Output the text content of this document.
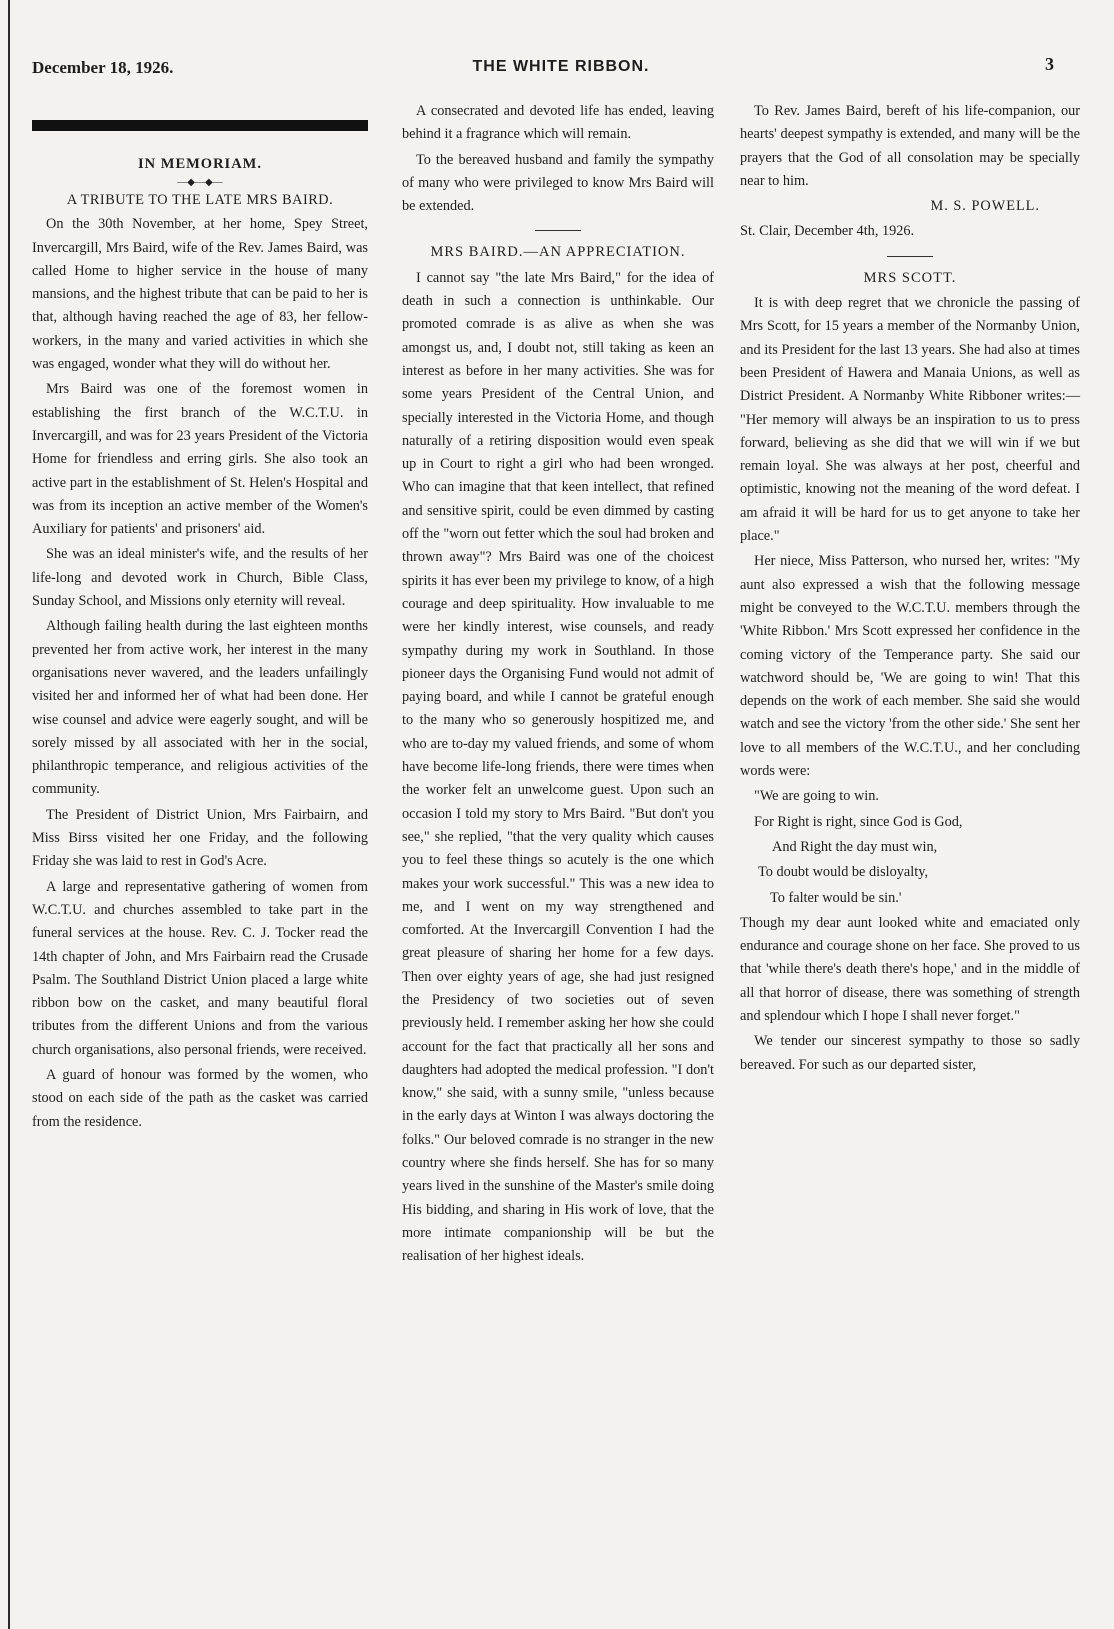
December 18, 1926.	THE WHITE RIBBON.	3

IN MEMORIAM.

—◆—◆—

A TRIBUTE TO THE LATE MRS BAIRD.

On the 30th November, at her home, Spey Street, Invercargill, Mrs Baird, wife of the Rev. James Baird, was called Home to higher service in the house of many mansions, and the highest tribute that can be paid to her is that, although having reached the age of 83, her fellow-workers, in the many and varied activities in which she was engaged, wonder what they will do without her.

Mrs Baird was one of the foremost women in establishing the first branch of the W.C.T.U. in Invercargill, and was for 23 years President of the Victoria Home for friendless and erring girls. She also took an active part in the establishment of St. Helen's Hospital and was from its inception an active member of the Women's Auxiliary for patients' and prisoners' aid.

She was an ideal minister's wife, and the results of her life-long and devoted work in Church, Bible Class, Sunday School, and Missions only eternity will reveal.

Although failing health during the last eighteen months prevented her from active work, her interest in the many organisations never wavered, and the leaders unfailingly visited her and informed her of what had been done. Her wise counsel and advice were eagerly sought, and will be sorely missed by all associated with her in the social, philanthropic temperance, and religious activities of the community.

The President of District Union, Mrs Fairbairn, and Miss Birss visited her one Friday, and the following Friday she was laid to rest in God's Acre.

A large and representative gathering of women from W.C.T.U. and churches assembled to take part in the funeral services at the house. Rev. C. J. Tocker read the 14th chapter of John, and Mrs Fairbairn read the Crusade Psalm. The Southland District Union placed a large white ribbon bow on the casket, and many beautiful floral tributes from the different Unions and from the various church organisations, also personal friends, were received.

A guard of honour was formed by the women, who stood on each side of the path as the casket was carried from the residence.

A consecrated and devoted life has ended, leaving behind it a fragrance which will remain.

To the bereaved husband and family the sympathy of many who were privileged to know Mrs Baird will be extended.

MRS BAIRD.—AN APPRECIATION.

I cannot say "the late Mrs Baird," for the idea of death in such a connection is unthinkable. Our promoted comrade is as alive as when she was amongst us, and, I doubt not, still taking as keen an interest as before in her many activities. She was for some years President of the Central Union, and specially interested in the Victoria Home, and though naturally of a retiring disposition would even speak up in Court to right a girl who had been wronged. Who can imagine that that keen intellect, that refined and sensitive spirit, could be even dimmed by casting off the "worn out fetter which the soul had broken and thrown away"? Mrs Baird was one of the choicest spirits it has ever been my privilege to know, of a high courage and deep spirituality. How invaluable to me were her kindly interest, wise counsels, and ready sympathy during my work in Southland. In those pioneer days the Organising Fund would not admit of paying board, and while I cannot be grateful enough to the many who so generously hospitized me, and who are to-day my valued friends, and some of whom have become life-long friends, there were times when the worker felt an unwelcome guest. Upon such an occasion I told my story to Mrs Baird. "But don't you see," she replied, "that the very quality which causes you to feel these things so acutely is the one which makes your work successful." This was a new idea to me, and I went on my way strengthened and comforted. At the Invercargill Convention I had the great pleasure of sharing her home for a few days. Then over eighty years of age, she had just resigned the Presidency of two societies out of seven previously held. I remember asking her how she could account for the fact that practically all her sons and daughters had adopted the medical profession. "I don't know," she said, with a sunny smile, "unless because in the early days at Winton I was always doctoring the folks." Our beloved comrade is no stranger in the new country where she finds herself. She has for so many years lived in the sunshine of the Master's smile doing His bidding, and sharing in His work of love, that the more intimate companionship will be but the realisation of her highest ideals.

To Rev. James Baird, bereft of his life-companion, our hearts' deepest sympathy is extended, and many will be the prayers that the God of all consolation may be specially near to him.

M. S. POWELL.

St. Clair, December 4th, 1926.

MRS SCOTT.

It is with deep regret that we chronicle the passing of Mrs Scott, for 15 years a member of the Normanby Union, and its President for the last 13 years. She had also at times been President of Hawera and Manaia Unions, as well as District President. A Normanby White Ribboner writes:— "Her memory will always be an inspiration to us to press forward, believing as she did that we will win if we but remain loyal. She was always at her post, cheerful and optimistic, knowing not the meaning of the word defeat. I am afraid it will be hard for us to get anyone to take her place."

Her niece, Miss Patterson, who nursed her, writes: "My aunt also expressed a wish that the following message might be conveyed to the W.C.T.U. members through the 'White Ribbon.' Mrs Scott expressed her confidence in the coming victory of the Temperance party. She said our watchword should be, 'We are going to win! That this depends on the work of each member. She said she would watch and see the victory 'from the other side.' She sent her love to all members of the W.C.T.U., and her concluding words were:

"We are going to win.

For Right is right, since God is God,

And Right the day must win,

To doubt would be disloyalty,

To falter would be sin.'

Though my dear aunt looked white and emaciated only endurance and courage shone on her face. She proved to us that 'while there's death there's hope,' and in the middle of all that horror of disease, there was something of strength and splendour which I hope I shall never forget."

We tender our sincerest sympathy to those so sadly bereaved. For such as our departed sister,
